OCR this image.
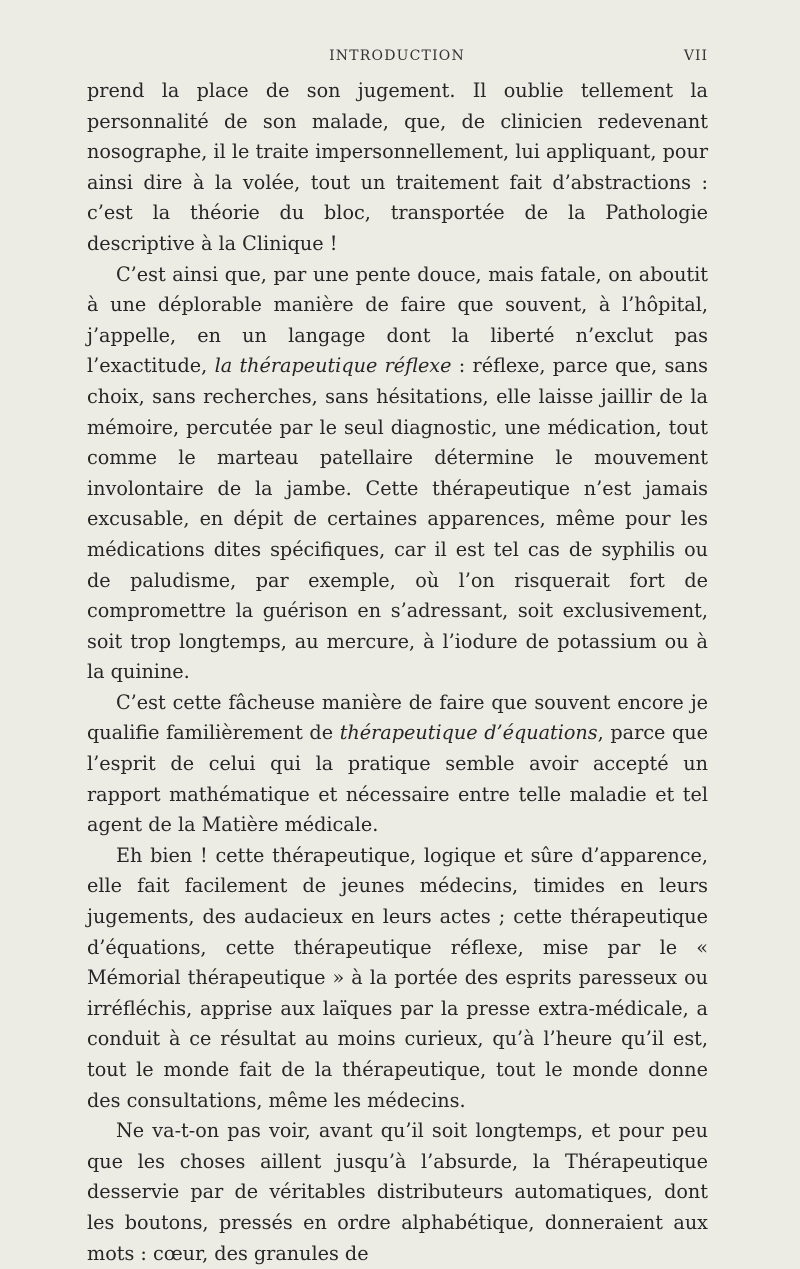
INTRODUCTION	VII

prend la place de son jugement. Il oublie tellement la personnalité de son malade, que, de clinicien redevenant nosographe, il le traite impersonnellement, lui appliquant, pour ainsi dire à la volée, tout un traitement fait d’abstractions : c’est la théorie du bloc, transportée de la Pathologie descriptive à la Clinique !

C’est ainsi que, par une pente douce, mais fatale, on aboutit à une déplorable manière de faire que souvent, à l’hôpital, j’appelle, en un langage dont la liberté n’exclut pas l’exactitude, la thérapeutique réflexe : réflexe, parce que, sans choix, sans recherches, sans hésitations, elle laisse jaillir de la mémoire, percutée par le seul diagnostic, une médication, tout comme le marteau patellaire détermine le mouvement involontaire de la jambe. Cette thérapeutique n’est jamais excusable, en dépit de certaines apparences, même pour les médications dites spécifiques, car il est tel cas de syphilis ou de paludisme, par exemple, où l’on risquerait fort de compromettre la guérison en s’adressant, soit exclusivement, soit trop longtemps, au mercure, à l’iodure de potassium ou à la quinine.

C’est cette fâcheuse manière de faire que souvent encore je qualifie familièrement de thérapeutique d’équations, parce que l’esprit de celui qui la pratique semble avoir accepté un rapport mathématique et nécessaire entre telle maladie et tel agent de la Matière médicale.

Eh bien ! cette thérapeutique, logique et sûre d’apparence, elle fait facilement de jeunes médecins, timides en leurs jugements, des audacieux en leurs actes ; cette thérapeutique d’équations, cette thérapeutique réflexe, mise par le « Mémorial thérapeutique » à la portée des esprits paresseux ou irréfléchis, apprise aux laïques par la presse extra-médicale, a conduit à ce résultat au moins curieux, qu’à l’heure qu’il est, tout le monde fait de la thérapeutique, tout le monde donne des consultations, même les médecins.

Ne va-t-on pas voir, avant qu’il soit longtemps, et pour peu que les choses aillent jusqu’à l’absurde, la Thérapeutique desservie par de véritables distributeurs automatiques, dont les boutons, pressés en ordre alphabétique, donneraient aux mots : cœur, des granules de
